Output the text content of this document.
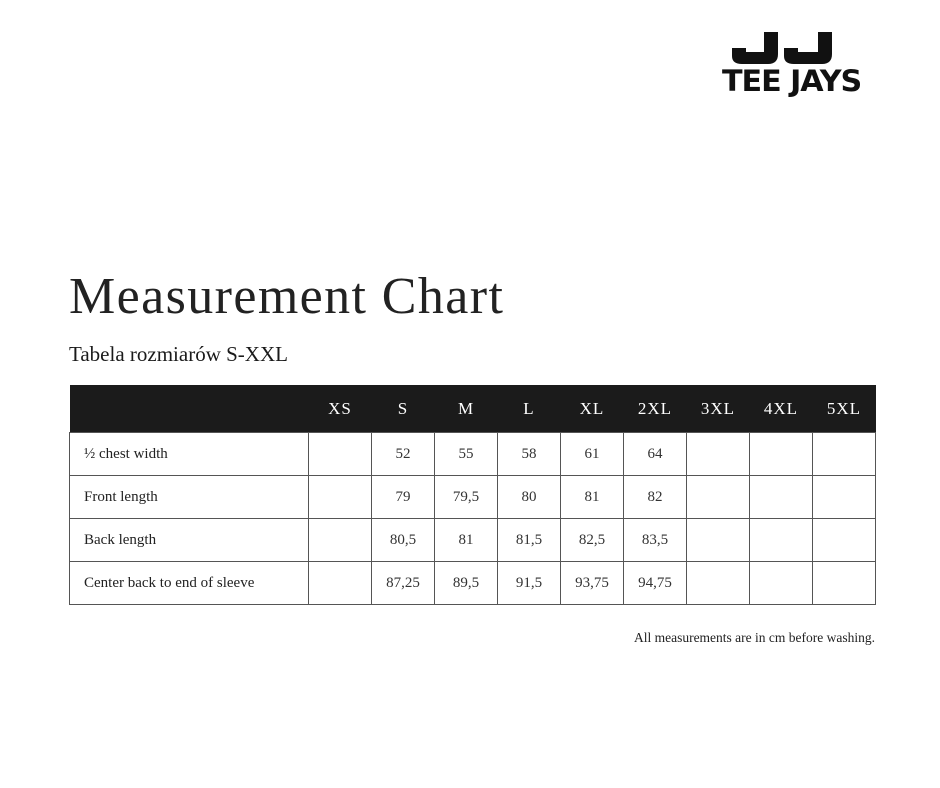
TEE JAYS
Measurement Chart
Tabela rozmiarów S-XXL
	XS	S	M	L	XL	2XL	3XL	4XL	5XL
½ chest width		52	55	58	61	64			
Front length		79	79,5	80	81	82			
Back length		80,5	81	81,5	82,5	83,5			
Center back to end of sleeve		87,25	89,5	91,5	93,75	94,75			

All measurements are in cm before washing.
